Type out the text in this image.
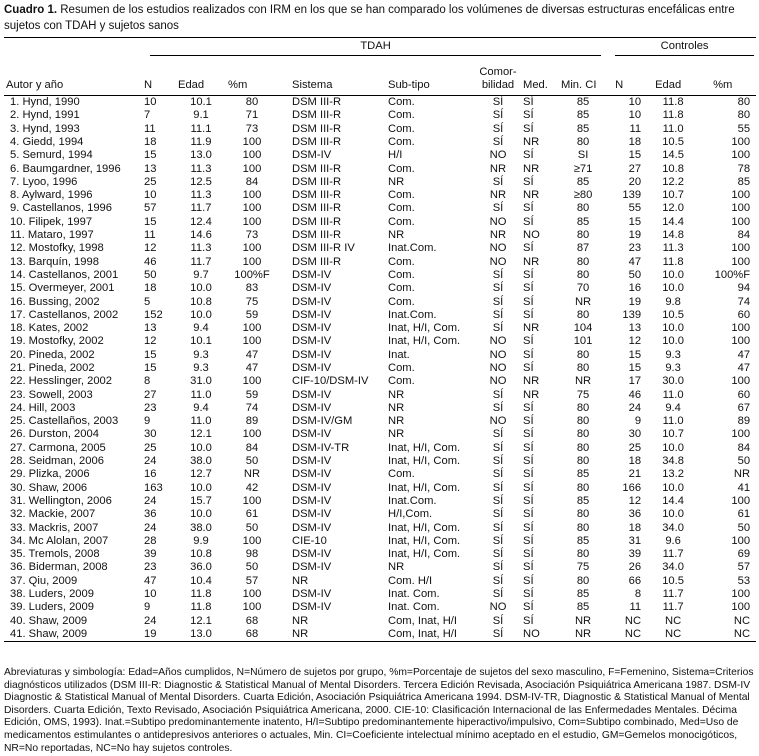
Cuadro 1. Resumen de los estudios realizados con IRM en los que se han comparado los volúmenes de diversas estructuras encefálicas entre sujetos con TDAH y sujetos sanos

	TDAH								Controles		

Autor y año	N	Edad	%m	Sistema	Sub-tipo	Comor-bilidad	Med.	Min. CI	N	Edad	%m
1. Hynd, 1990	10	10.1	80	DSM III-R	Com.	SÍ	SÍ	85	10	11.8	80
2. Hynd, 1991	7	9.1	71	DSM III-R	Com.	SÍ	SÍ	85	10	11.8	80
3. Hynd, 1993	11	11.1	73	DSM III-R	Com.	SÍ	SÍ	85	11	11.0	55
4. Giedd, 1994	18	11.9	100	DSM III-R	Com.	SÍ	NR	80	18	10.5	100
5. Semurd, 1994	15	13.0	100	DSM-IV	H/I	NO	SÍ	SI	15	14.5	100
6. Baumgardner, 1996	13	11.3	100	DSM III-R	Com.	NR	NR	≥71	27	10.8	78
7. Lyoo, 1996	25	12.5	84	DSM III-R	NR	SÍ	SÍ	85	20	12.2	85
8. Aylward, 1996	10	11.3	100	DSM III-R	Com.	NR	NR	≥80	139	10.7	100
9. Castellanos, 1996	57	11.7	100	DSM III-R	Com.	SÍ	SÍ	80	55	12.0	100
10. Filipek, 1997	15	12.4	100	DSM III-R	Com.	NO	SÍ	85	15	14.4	100
11. Mataro, 1997	11	14.6	73	DSM III-R	NR	NR	NO	80	19	14.8	84
12. Mostofky, 1998	12	11.3	100	DSM III-R IV	Inat.Com.	NO	SÍ	87	23	11.3	100
13. Barquín, 1998	46	11.7	100	DSM III-R	Com.	NO	NR	80	47	11.8	100
14. Castellanos, 2001	50	9.7	100%F	DSM-IV	Com.	SÍ	SÍ	80	50	10.0	100%F
15. Overmeyer, 2001	18	10.0	83	DSM-IV	Com.	SÍ	SÍ	70	16	10.0	94
16. Bussing, 2002	5	10.8	75	DSM-IV	Com.	SÍ	SÍ	NR	19	9.8	74
17. Castellanos, 2002	152	10.0	59	DSM-IV	Inat.Com.	SÍ	SÍ	80	139	10.5	60
18. Kates, 2002	13	9.4	100	DSM-IV	Inat, H/I, Com.	SÍ	NR	104	13	10.0	100
19. Mostofky, 2002	12	10.1	100	DSM-IV	Inat, H/I, Com.	NO	SÍ	101	12	10.0	100
20. Pineda, 2002	15	9.3	47	DSM-IV	Inat.	NO	SÍ	80	15	9.3	47
21. Pineda, 2002	15	9.3	47	DSM-IV	Com.	NO	SÍ	80	15	9.3	47
22. Hesslinger, 2002	8	31.0	100	CIF-10/DSM-IV	Com.	NO	NR	NR	17	30.0	100
23. Sowell, 2003	27	11.0	59	DSM-IV	NR	SÍ	NR	75	46	11.0	60
24. Hill, 2003	23	9.4	74	DSM-IV	NR	SÍ	SÍ	80	24	9.4	67
25. Castellaños, 2003	9	11.0	89	DSM-IV/GM	NR	NO	SÍ	80	9	11.0	89
26. Durston, 2004	30	12.1	100	DSM-IV	NR	SÍ	SÍ	80	30	10.7	100
27. Carmona, 2005	25	10.0	84	DSM-IV-TR	Inat, H/I, Com.	SÍ	SÍ	80	25	10.0	84
28. Seidman, 2006	24	38.0	50	DSM-IV	Inat, H/I, Com.	SÍ	SÍ	80	18	34.8	50
29. Plizka, 2006	16	12.7	NR	DSM-IV	Com.	SÍ	SÍ	85	21	13.2	NR
30. Shaw, 2006	163	10.0	42	DSM-IV	Inat, H/I, Com.	SÍ	SÍ	80	166	10.0	41
31. Wellington, 2006	24	15.7	100	DSM-IV	Inat.Com.	SÍ	SÍ	85	12	14.4	100
32. Mackie, 2007	36	10.0	61	DSM-IV	H/I,Com.	SÍ	SÍ	80	36	10.0	61
33. Mackris, 2007	24	38.0	50	DSM-IV	Inat, H/I, Com.	SÍ	SÍ	80	18	34.0	50
34. Mc Alolan, 2007	28	9.9	100	CIE-10	Inat, H/I, Com.	SÍ	SÍ	85	31	9.6	100
35. Tremols, 2008	39	10.8	98	DSM-IV	Inat, H/I, Com.	SÍ	SÍ	80	39	11.7	69
36. Biderman, 2008	23	36.0	50	DSM-IV	NR	SÍ	SÍ	75	26	34.0	57
37. Qiu, 2009	47	10.4	57	NR	Com. H/I	SÍ	SÍ	80	66	10.5	53
38. Luders, 2009	10	11.8	100	DSM-IV	Inat. Com.	SÍ	SÍ	85	8	11.7	100
39. Luders, 2009	9	11.8	100	DSM-IV	Inat. Com.	NO	SÍ	85	11	11.7	100
40. Shaw, 2009	24	12.1	68	NR	Com, Inat, H/I	SÍ	SÍ	NR	NC	NC	NC
41. Shaw, 2009	19	13.0	68	NR	Com, Inat, H/I	SÍ	NO	NR	NC	NC	NC
Abreviaturas y simbología: Edad=Años cumplidos, N=Número de sujetos por grupo, %m=Porcentaje de sujetos del sexo masculino, F=Femenino, Sistema=Criterios diagnósticos utilizados (DSM III-R: Diagnostic & Statistical Manual of Mental Disorders. Tercera Edición Revisada, Asociación Psiquiátrica Americana 1987. DSM-IV Diagnostic & Statistical Manual of Mental Disorders. Cuarta Edición, Asociación Psiquiátrica Americana 1994. DSM-IV-TR, Diagnostic & Statistical Manual of Mental Disorders. Cuarta Edición, Texto Revisado, Asociación Psiquiátrica Americana, 2000. CIE-10: Clasificación Internacional de las Enfermedades Mentales. Décima Edición, OMS, 1993). Inat.=Subtipo predominantemente inatento, H/I=Subtipo predominantemente hiperactivo/impulsivo, Com=Subtipo combinado, Med=Uso de medicamentos estimulantes o antidepresivos anteriores o actuales, Min. CI=Coeficiente intelectual mínimo aceptado en el estudio, GM=Gemelos monocigóticos, NR=No reportadas, NC=No hay sujetos controles.
